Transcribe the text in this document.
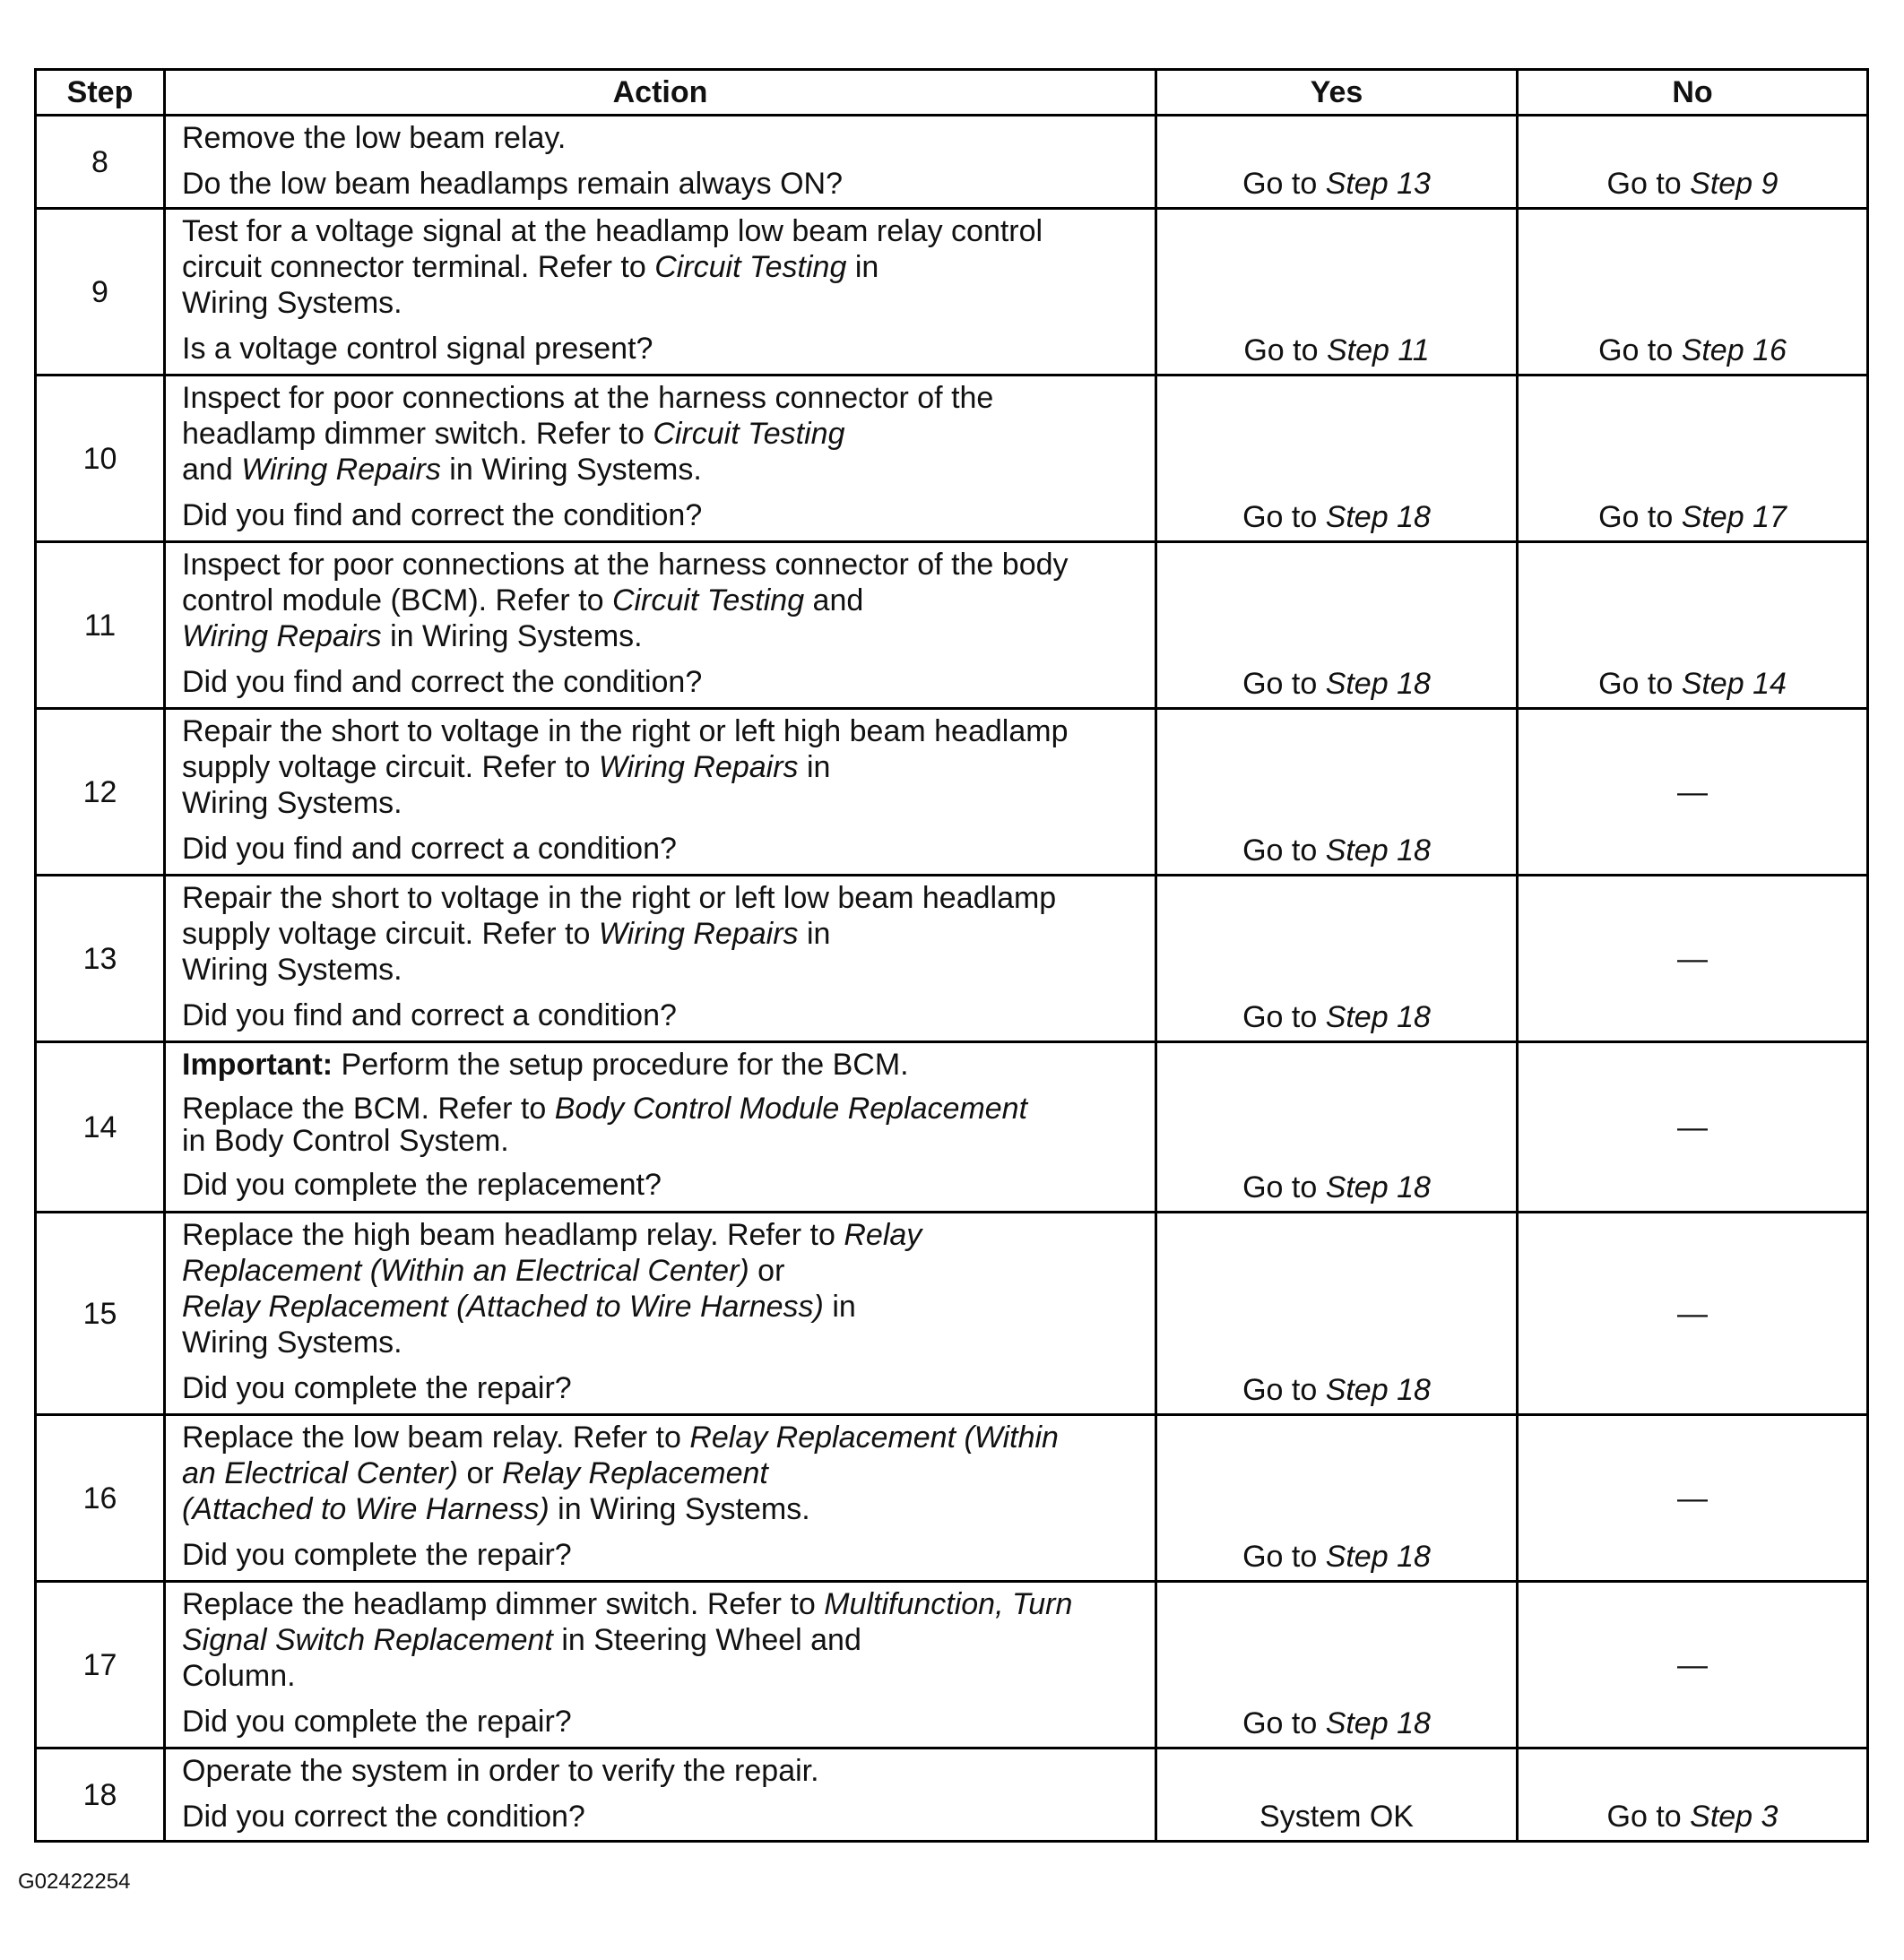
Step	Action	Yes	No
8	Remove the low beam relay.
Do the low beam headlamps remain always ON?	Go to Step 13	Go to Step 9
9	Test for a voltage signal at the headlamp low beam relay control
circuit connector terminal. Refer to Circuit Testing in
Wiring Systems.
Is a voltage control signal present?	Go to Step 11	Go to Step 16
10	Inspect for poor connections at the harness connector of the
headlamp dimmer switch. Refer to Circuit Testing
and Wiring Repairs in Wiring Systems.
Did you find and correct the condition?	Go to Step 18	Go to Step 17
11	Inspect for poor connections at the harness connector of the body
control module (BCM). Refer to Circuit Testing and
Wiring Repairs in Wiring Systems.
Did you find and correct the condition?	Go to Step 18	Go to Step 14
12	Repair the short to voltage in the right or left high beam headlamp
supply voltage circuit. Refer to Wiring Repairs in
Wiring Systems.
Did you find and correct a condition?	Go to Step 18	—
13	Repair the short to voltage in the right or left low beam headlamp
supply voltage circuit. Refer to Wiring Repairs in
Wiring Systems.
Did you find and correct a condition?	Go to Step 18	—
14	Important: Perform the setup procedure for the BCM.
Replace the BCM. Refer to Body Control Module Replacement
in Body Control System.
Did you complete the replacement?	Go to Step 18	—
15	Replace the high beam headlamp relay. Refer to Relay
Replacement (Within an Electrical Center) or
Relay Replacement (Attached to Wire Harness) in
Wiring Systems.
Did you complete the repair?	Go to Step 18	—
16	Replace the low beam relay. Refer to Relay Replacement (Within
an Electrical Center) or Relay Replacement
(Attached to Wire Harness) in Wiring Systems.
Did you complete the repair?	Go to Step 18	—
17	Replace the headlamp dimmer switch. Refer to Multifunction, Turn
Signal Switch Replacement in Steering Wheel and
Column.
Did you complete the repair?	Go to Step 18	—
18	Operate the system in order to verify the repair.
Did you correct the condition?	System OK	Go to Step 3
G02422254
